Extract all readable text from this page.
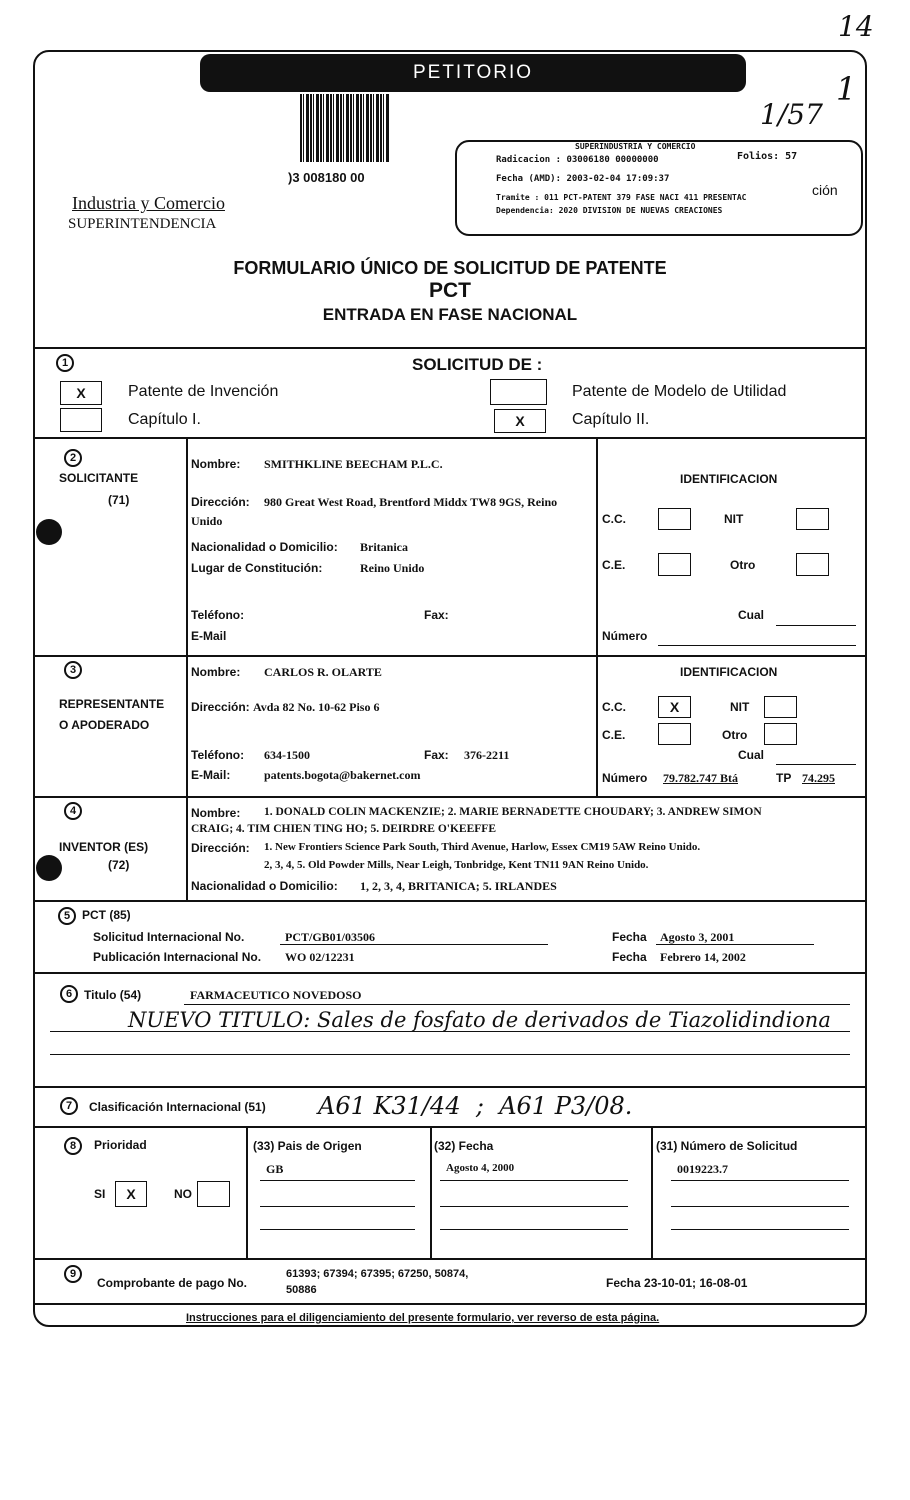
14
1
1/57
PETITORIO
)3 008180 00
Industria y Comercio
SUPERINTENDENCIA
SUPERINDUSTRIA Y COMERCIO
Radicacion : 03006180 00000000	Folios: 57
Fecha (AMD): 2003-02-04 17:09:37
Tramite : 011 PCT-PATENT 379 FASE NACI 411 PRESENTAC	ción
Dependencia: 2020 DIVISION DE NUEVAS CREACIONES
FORMULARIO ÚNICO DE SOLICITUD DE PATENTE
PCT
ENTRADA EN FASE NACIONAL
1	SOLICITUD DE :
X	Patente de Invención	Patente de Modelo de Utilidad
Capítulo I.	X	Capítulo II.
2
SOLICITANTE
(71)
Nombre: SMITHKLINE BEECHAM P.L.C.
Dirección: 980 Great West Road, Brentford Middx TW8 9GS, Reino
Unido
Nacionalidad o Domicilio: Britanica
Lugar de Constitución:	Reino Unido
Teléfono:	Fax:
E-Mail
IDENTIFICACION
C.C.	NIT
C.E.	Otro
Cual
Número
3
REPRESENTANTE
O APODERADO
Nombre: CARLOS R. OLARTE
Dirección: Avda 82 No. 10-62 Piso 6
Teléfono: 634-1500	Fax: 376-2211
E-Mail:	patents.bogota@bakernet.com
IDENTIFICACION
C.C.	X	NIT
C.E.	Otro
Cual
Número 79.782.747 Btá	TP 74.295
4
INVENTOR (ES)
(72)
Nombre: 1. DONALD COLIN MACKENZIE; 2. MARIE BERNADETTE CHOUDARY; 3. ANDREW SIMON
CRAIG; 4. TIM CHIEN TING HO; 5. DEIRDRE O'KEEFFE
Dirección: 1. New Frontiers Science Park South, Third Avenue, Harlow, Essex CM19 5AW Reino Unido.
2, 3, 4, 5. Old Powder Mills, Near Leigh, Tonbridge, Kent TN11 9AN Reino Unido.
Nacionalidad o Domicilio: 1, 2, 3, 4, BRITANICA; 5. IRLANDES
5 PCT (85)
Solicitud Internacional No.	PCT/GB01/03506
Publicación Internacional No. WO 02/12231
Fecha Agosto 3, 2001
Fecha Febrero 14, 2002
6 Titulo (54)	FARMACEUTICO NOVEDOSO
NUEVO TITULO: Sales de fosfato de derivados de Tiazolidindiona
7	Clasificación Internacional (51) A61 K31/44  ;  A61 P3/08.
8	Prioridad
SI	X	NO
(33) Pais de Origen
GB
(32) Fecha
Agosto 4, 2000
(31) Número de Solicitud
0019223.7
9
Comprobante de pago No.
61393; 67394; 67395; 67250, 50874,
50886	Fecha 23-10-01; 16-08-01
Instrucciones para el diligenciamiento del presente formulario, ver reverso de esta página.
